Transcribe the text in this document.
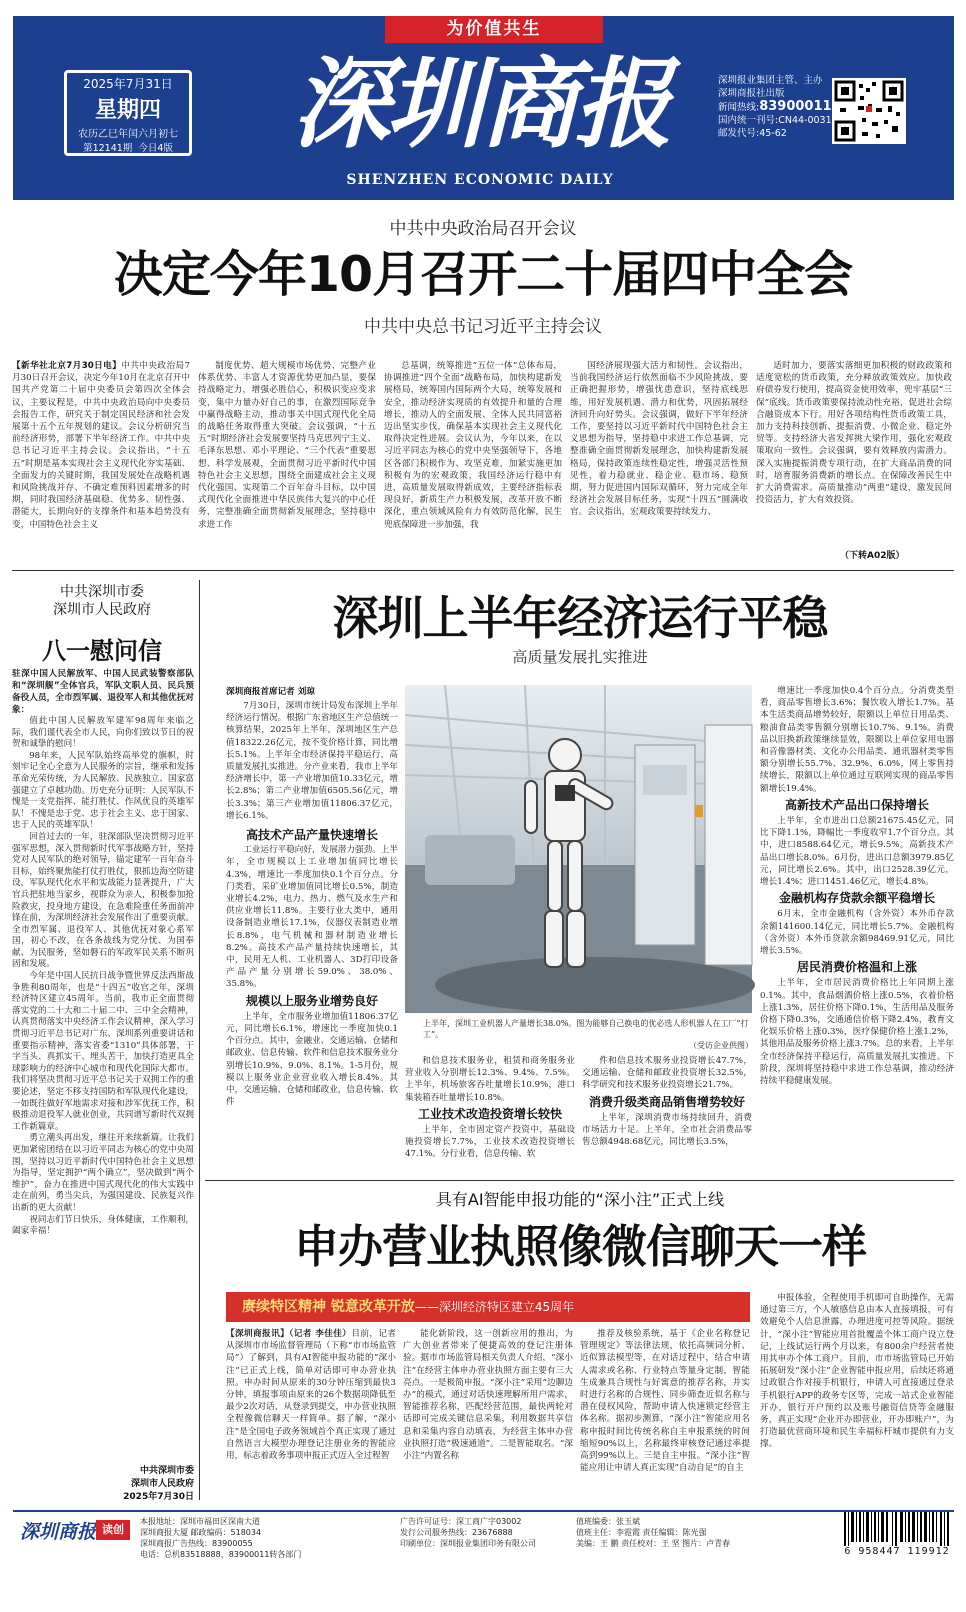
为价值共生
2025年7月31日
星期四
农历乙巳年闰六月初七
第12141期 今日4版 深圳商报
SHENZHEN ECONOMIC DAILY
深圳报业集团主管、主办
深圳商报社出版
新闻热线:83900011
国内统一刊号:CN44-0031
邮发代号:45-62
中共中央政治局召开会议
决定今年10月召开二十届四中全会
中共中央总书记习近平主持会议

【新华社北京7月30日电】中共中央政治局7月30日召开会议，决定今年10月在北京召开中国共产党第二十届中央委员会第四次全体会议，主要议程是，中共中央政治局向中央委员会报告工作，研究关于制定国民经济和社会发展第十五个五年规划的建议。会议分析研究当前经济形势，部署下半年经济工作。中共中央总书记习近平主持会议。会议指出，“十五五”时期是基本实现社会主义现代化夯实基础、全面发力的关键时期，我国发展处在战略机遇和风险挑战并存、不确定难预料因素增多的时期，同时我国经济基础稳、优势多、韧性强、潜能大，长期向好的支撑条件和基本趋势没有变，中国特色社会主义

制度优势、超大规模市场优势、完整产业体系优势、丰富人才资源优势更加凸显，要保持战略定力，增强必胜信心，积极识变应变求变，集中力量办好自己的事，在激烈国际竞争中赢得战略主动，推动事关中国式现代化全局的战略任务取得重大突破。会议强调，“十五五”时期经济社会发展要坚持马克思列宁主义、毛泽东思想、邓小平理论、“三个代表”重要思想、科学发展观，全面贯彻习近平新时代中国特色社会主义思想，围绕全面建成社会主义现代化强国、实现第二个百年奋斗目标，以中国式现代化全面推进中华民族伟大复兴的中心任务，完整准确全面贯彻新发展理念，坚持稳中求进工作

总基调，统筹推进“五位一体”总体布局，协调推进“四个全面”战略布局，加快构建新发展格局，统筹国内国际两个大局，统筹发展和安全，推动经济实现质的有效提升和量的合理增长，推动人的全面发展、全体人民共同富裕迈出坚实步伐，确保基本实现社会主义现代化取得决定性进展。会议认为，今年以来，在以习近平同志为核心的党中央坚强领导下，各地区各部门积极作为、攻坚克难，加紧实施更加积极有为的宏观政策，我国经济运行稳中有进，高质量发展取得新成效，主要经济指标表现良好，新质生产力积极发展，改革开放不断深化，重点领域风险有力有效防范化解，民生兜底保障进一步加强，我

国经济展现强大活力和韧性。会议指出，当前我国经济运行依然面临不少风险挑战，要正确把握形势，增强忧患意识，坚持底线思维，用好发展机遇、潜力和优势，巩固拓展经济回升向好势头。会议强调，做好下半年经济工作，要坚持以习近平新时代中国特色社会主义思想为指导，坚持稳中求进工作总基调，完整准确全面贯彻新发展理念，加快构建新发展格局，保持政策连续性稳定性，增强灵活性预见性，着力稳就业、稳企业、稳市场、稳预期，努力促进国内国际双循环，努力完成全年经济社会发展目标任务，实现“十四五”圆满收官。会议指出，宏观政策要持续发力、

适时加力，要落实落细更加积极的财政政策和适度宽松的货币政策，充分释放政策效应。加快政府债券发行使用，提高资金使用效率，兜牢基层“三保”底线。货币政策要保持流动性充裕，促进社会综合融资成本下行。用好各项结构性货币政策工具，加力支持科技创新、提振消费、小微企业、稳定外贸等。支持经济大省发挥挑大梁作用，强化宏观政策取向一致性。会议强调，要有效释放内需潜力。深入实施提振消费专项行动，在扩大商品消费的同时，培育服务消费新的增长点。在保障改善民生中扩大消费需求。高质量推动“两重”建设，激发民间投资活力，扩大有效投资。

（下转A02版）
中共深圳市委
深圳市人民政府
八一慰问信

驻深中国人民解放军、中国人民武装警察部队和“深圳舰”全体官兵，军队文职人员、民兵预备役人员，全市烈军属、退役军人和其他优抚对象：

值此中国人民解放军建军98周年来临之际，我们谨代表全市人民，向你们致以节日的祝贺和诚挚的慰问！

98年来，人民军队始终高举党的旗帜，时刻牢记全心全意为人民服务的宗旨，继承和发扬革命光荣传统，为人民解放、民族独立、国家富强建立了卓越功勋。历史充分证明：人民军队不愧是一支党指挥、能打胜仗、作风优良的英雄军队！不愧是忠于党、忠于社会主义、忠于国家、忠于人民的英雄军队！

回首过去的一年，驻深部队坚决贯彻习近平强军思想，深入贯彻新时代军事战略方针，坚持党对人民军队的绝对领导，锚定建军一百年奋斗目标，始终聚焦能打仗打胜仗，狠抓边海空防建设，军队现代化水平和实战能力显著提升，广大官兵把驻地当家乡，视群众为亲人，积极参加抢险救灾，投身地方建设，在急难险重任务面前冲锋在前，为深圳经济社会发展作出了重要贡献。全市烈军属、退役军人、其他优抚对象心系军国，初心不改，在各条战线为党分忧、为国奉献、为民服务，坚如磐石的军政军民关系不断巩固和发展。

今年是中国人民抗日战争暨世界反法西斯战争胜利80周年，也是“十四五”收官之年，深圳经济特区建立45周年。当前，我市正全面贯彻落实党的二十大和二十届二中、三中全会精神，认真贯彻落实中央经济工作会议精神，深入学习贯彻习近平总书记对广东、深圳系列重要讲话和重要指示精神，落实省委“1310”具体部署，干字当头、真抓实干、埋头苦干，加快打造更具全球影响力的经济中心城市和现代化国际大都市。我们将坚决贯彻习近平总书记关于双拥工作的重要论述，坚定不移支持国防和军队现代化建设，一如既往做好军地需求对接和涉军优抚工作，积极推动退役军人就业创业，共同谱写新时代双拥工作新篇章。

勇立潮头再出发，继往开来续新篇。让我们更加紧密团结在以习近平同志为核心的党中央周围，坚持以习近平新时代中国特色社会主义思想为指导，坚定拥护“两个确立”，坚决做到“两个维护”，奋力在推进中国式现代化的伟大实践中走在前列，勇当尖兵，为强国建设、民族复兴作出新的更大贡献！

祝同志们节日快乐，身体健康，工作顺利，阖家幸福！

中共深圳市委
深圳市人民政府
2025年7月30日
深圳上半年经济运行平稳
高质量发展扎实推进
深圳商报首席记者 刘琼

7月30日，深圳市统计局发布深圳上半年经济运行情况。根据广东省地区生产总值统一核算结果，2025年上半年，深圳地区生产总值18322.26亿元，按不变价格计算，同比增长5.1%。上半年全市经济保持平稳运行，高质量发展扎实推进。分产业来看，我市上半年经济增长中，第一产业增加值10.33亿元，增长2.8%；第二产业增加值6505.56亿元，增长3.3%；第三产业增加值11806.37亿元，增长6.1%。

高技术产品产量快速增长

工业运行平稳向好，发展潜力强劲。上半年，全市规模以上工业增加值同比增长4.3%，增速比一季度加快0.1个百分点。分门类看，采矿业增加值同比增长0.5%，制造业增长4.2%，电力、热力、燃气及水生产和供应业增长11.8%。主要行业大类中，通用设备制造业增长17.1%，仪器仪表制造业增长8.8%，电气机械和器材制造业增长8.2%。高技术产品产量持续快速增长，其中，民用无人机、工业机器人、3D打印设备产品产量分别增长59.0%、38.0%、35.8%。

规模以上服务业增势良好

上半年，全市服务业增加值11806.37亿元，同比增长6.1%，增速比一季度加快0.1个百分点。其中，金融业、交通运输、仓储和邮政业、信息传输、软件和信息技术服务业分别增长10.9%、9.0%、8.1%。1-5月份，规模以上服务业企业营业收入增长8.4%。其中，交通运输、仓储和邮政业，信息传输、软件

上半年，深圳工业机器人产量增长38.0%。图为能够自己换电的优必选人形机器人在工厂“打工”。
（受访企业供图）

和信息技术服务业，租赁和商务服务业营业收入分别增长12.3%、9.4%、7.5%。上半年，机场旅客吞吐量增长10.9%，港口集装箱吞吐量增长10.8%。

工业技术改造投资增长较快

上半年，全市固定资产投资中，基础设施投资增长7.7%，工业技术改造投资增长47.1%。分行业看，信息传输、软

件和信息技术服务业投资增长47.7%，交通运输、仓储和邮政业投资增长32.5%，科学研究和技术服务业投资增长21.7%。

消费升级类商品销售增势较好

上半年，深圳消费市场持续回升，消费市场活力十足。上半年，全市社会消费品零售总额4948.68亿元，同比增长3.5%，

增速比一季度加快0.4个百分点。分消费类型看，商品零售增长3.6%；餐饮收入增长1.7%。基本生活类商品增势较好，限额以上单位日用品类、粮油食品类零售额分别增长10.7%、9.1%。消费品以旧换新政策继续显效，限额以上单位家用电器和音像器材类、文化办公用品类、通讯器材类零售额分别增长55.7%、32.9%、6.0%，网上零售持续增长，限额以上单位通过互联网实现的商品零售额增长19.4%。

高新技术产品出口保持增长

上半年，全市进出口总额21675.45亿元，同比下降1.1%，降幅比一季度收窄1.7个百分点。其中，进口8588.64亿元，增长9.5%。高新技术产品出口增长8.0%。6月份，进出口总额3979.85亿元，同比增长2.6%。其中，出口2528.39亿元，增长1.4%；进口1451.46亿元，增长4.8%。

金融机构存贷款余额平稳增长

6月末，全市金融机构（含外资）本外币存款余额141600.14亿元，同比增长5.7%。金融机构（含外资）本外币贷款余额98469.91亿元，同比增长3.5%。

居民消费价格温和上涨

上半年，全市居民消费价格比上年同期上涨0.1%。其中，食品烟酒价格上涨0.5%，衣着价格上涨1.3%，居住价格下降0.1%，生活用品及服务价格下降0.3%，交通通信价格下降2.4%，教育文化娱乐价格上涨0.3%，医疗保健价格上涨1.2%，其他用品及服务价格上涨3.7%。总的来看，上半年全市经济保持平稳运行，高质量发展扎实推进。下阶段，深圳将坚持稳中求进工作总基调，推动经济持续平稳健康发展。

具有AI智能申报功能的“深小注”正式上线
申办营业执照像微信聊天一样
赓续特区精神 锐意改革开放——深圳经济特区建立45周年

【深圳商报讯】（记者 李佳佳）目前，记者从深圳市市场监督管理局（下称“市市场监管局”）了解到，具有AI智能申报功能的“深小注”已正式上线，简单对话即可申办营业执照。申办时间从原来的30分钟压缩到最快3分钟，填报事项由原来的26个数据项降低至最少2次对话，从登录到提交，申办营业执照全程像微信聊天一样简单。据了解，“深小注”是全国电子政务领域首个真正实现了通过自然语言大模型办理登记注册业务的智能应用，标志着政务事项申报正式迈入全过程智

能化新阶段，这一创新应用的推出，为广大创业者带来了便捷高效的登记注册体验。据市市场监管局相关负责人介绍，“深小注”在经营主体申办营业执照方面主要有三大亮点。一是极简申报。“深小注”采用“边聊边办”的模式，通过对话快速理解所用户需求，智能推荐名称，匹配经营范围，最快两轮对话即可完成关键信息采集，利用数据共享信息和采集内容自动填表，为经营主体申办营业执照打造“极速通道”。二是智能取名。“深小注”内置名称

推荐及核验系统，基于《企业名称登记管理规定》等法律法规，依托高频词分析、近似算法模型等，在对话过程中，结合申请人需求或名称、行业特点等量身定制，智能生成兼具合规性与好寓意的推荐名称，并实时进行名称的合规性、同步筛查近似名称与潜在侵权风险，帮助申请人快速锁定经营主体名称。据初步测算，“深小注”智能应用名称申报时间比传统名称自主申报系统的时间缩短90%以上，名称最终审核登记通过率提高到99%以上。三是自主申报。“深小注”智能应用让申请人真正实现“自动自足”的自主

申报体验，全程使用手机即可自助操作，无需通过第三方，个人敏感信息由本人直接填报，可有效避免个人信息泄露，办理进度可控等风险。据统计，“深小注”智能应用首批覆盖个体工商户设立登记，上线试运行两个月以来，有800余户经营者使用其申办个体工商户。目前，市市场监管局已开始拓展研发“深小注”企业智能申报应用，后续还将通过政银合作对接手机银行，申请人可直接通过登录手机银行APP的政务专区等，完成一站式企业智能开办，银行开户预约以及账号融资信贷等金融服务，真正实现“企业开办即营业，开办即账户”，为打造最优营商环境和民生幸福标杆城市提供有力支撑。

深圳商报 读创
本报地址：深圳市福田区深南大道
深圳商报大厦 邮政编码：518034
深圳商报广告热线：83900055
电话：总机83518888、83900011转各部门
广告许可证号：深工商广字03002
发行公司服务热线：23676888
印刷单位：深圳报业集团印务有限公司
值班编委：张玉斌
值班主任：李霓霞 责任编辑：陈光强
美编：王 鹏 责任校对：王 坚 图片：卢青春
6 958447 119912
